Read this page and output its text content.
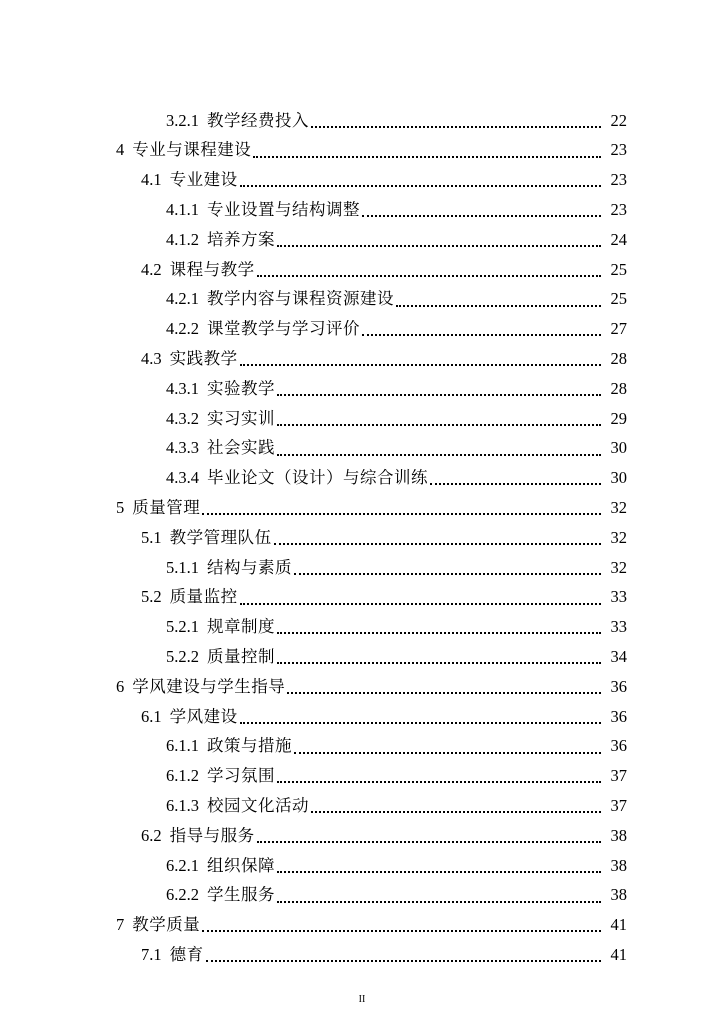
3.2.1 教学经费投入	22
4 专业与课程建设	23
4.1 专业建设	23
4.1.1 专业设置与结构调整	23
4.1.2 培养方案	24
4.2 课程与教学	25
4.2.1 教学内容与课程资源建设	25
4.2.2 课堂教学与学习评价	27
4.3 实践教学	28
4.3.1 实验教学	28
4.3.2 实习实训	29
4.3.3 社会实践	30
4.3.4 毕业论文（设计）与综合训练	30
5 质量管理	32
5.1 教学管理队伍	32
5.1.1 结构与素质	32
5.2 质量监控	33
5.2.1 规章制度	33
5.2.2 质量控制	34
6 学风建设与学生指导	36
6.1 学风建设	36
6.1.1 政策与措施	36
6.1.2 学习氛围	37
6.1.3 校园文化活动	37
6.2 指导与服务	38
6.2.1 组织保障	38
6.2.2 学生服务	38
7 教学质量	41
7.1 德育	41
II
